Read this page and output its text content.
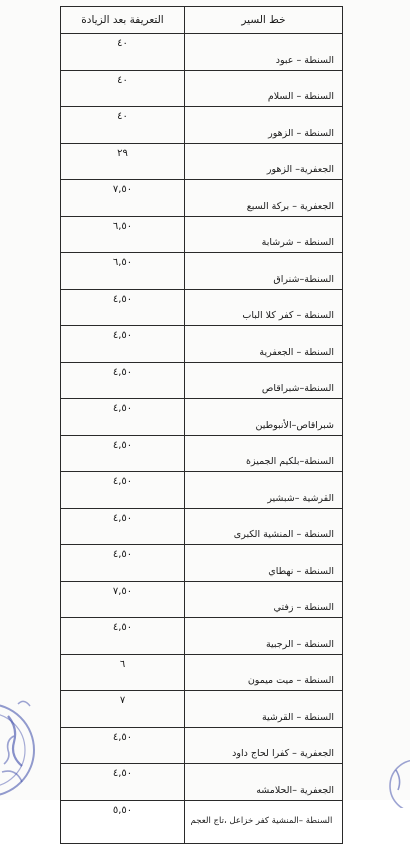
خط السير	التعريفة بعد الزيادة
السنطة – عبود	٤٠
السنطة – السلام	٤٠
السنطة – الزهور	٤٠
الجعفرية– الزهور	٢٩
الجعفرية – بركة السبع	٧,٥٠
السنطة – شرشابة	٦,٥٠
السنطة–شنراق	٦,٥٠
السنطة – كفر كلا الباب	٤,٥٠
السنطة – الجعفرية	٤,٥٠
السنطة–شبراقاص	٤,٥٠
شبراقاص–الأنبوطين	٤,٥٠
السنطة–بلكيم الجميزة	٤,٥٠
القرشية –شبشير	٤,٥٠
السنطة – المنشية الكبرى	٤,٥٠
السنطة – نهطاي	٤,٥٠
السنطة – زفتي	٧,٥٠
السنطة – الرجبية	٤,٥٠
السنطة – ميت ميمون	٦
السنطة – القرشية	٧
الجعفرية – كفرا لحاج داود	٤,٥٠
الجعفرية –الحلامشه	٤,٥٠
السنطة –المنشية كفر خزاعل ،تاج العجم	٥,٥٠
